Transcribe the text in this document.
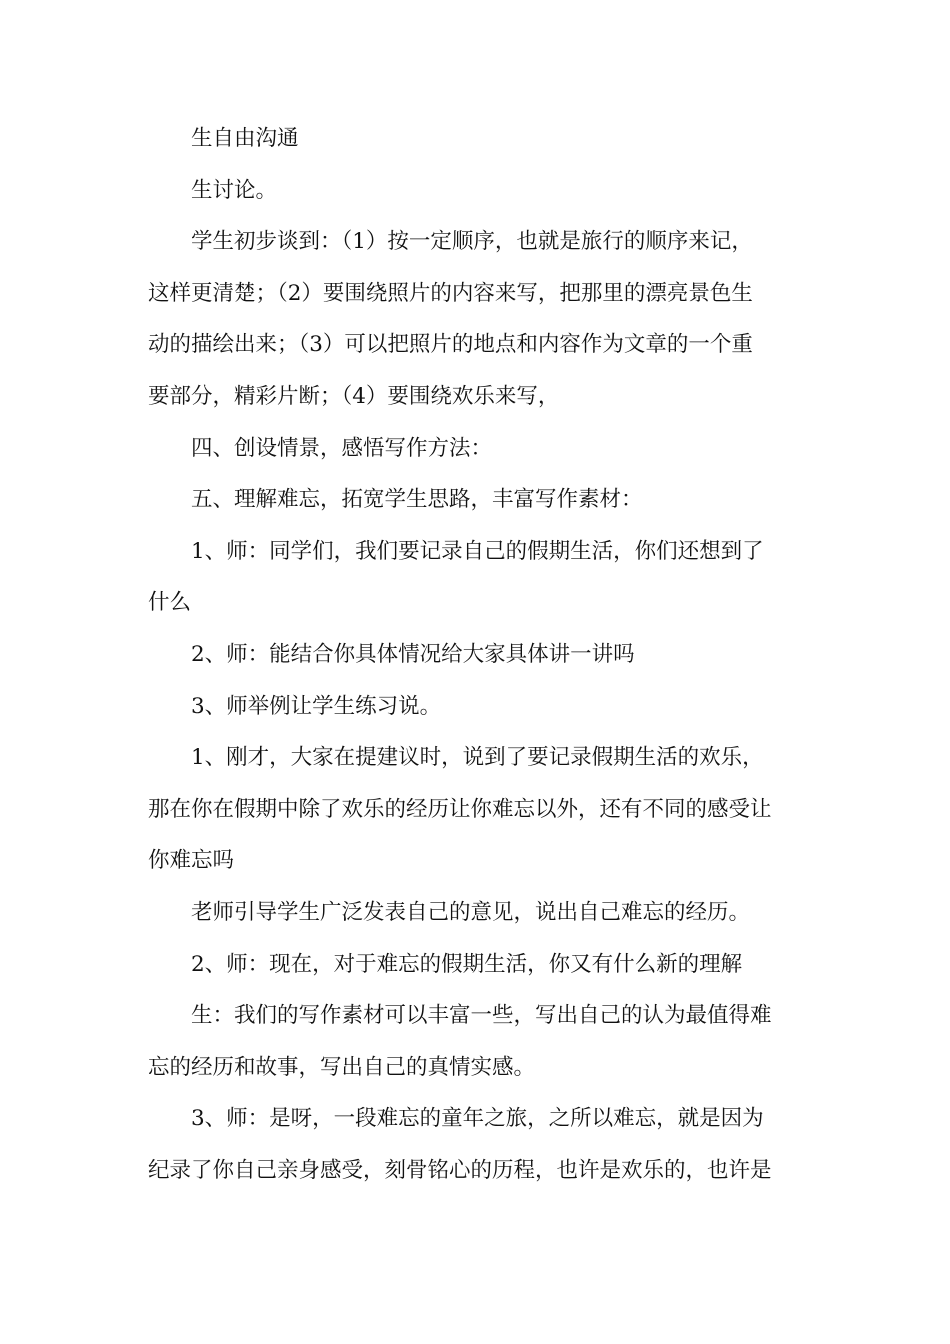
生自由沟通

生讨论。

学生初步谈到：（1）按一定顺序，也就是旅行的顺序来记，
这样更清楚；（2）要围绕照片的内容来写，把那里的漂亮景色生
动的描绘出来；（3）可以把照片的地点和内容作为文章的一个重
要部分，精彩片断；（4）要围绕欢乐来写，

四、创设情景，感悟写作方法：

五、理解难忘，拓宽学生思路，丰富写作素材：

1、师：同学们，我们要记录自己的假期生活，你们还想到了
什么

2、师：能结合你具体情况给大家具体讲一讲吗

3、师举例让学生练习说。

1、刚才，大家在提建议时，说到了要记录假期生活的欢乐，
那在你在假期中除了欢乐的经历让你难忘以外，还有不同的感受让
你难忘吗

老师引导学生广泛发表自己的意见，说出自己难忘的经历。

2、师：现在，对于难忘的假期生活，你又有什么新的理解

生：我们的写作素材可以丰富一些，写出自己的认为最值得难
忘的经历和故事，写出自己的真情实感。

3、师：是呀，一段难忘的童年之旅，之所以难忘，就是因为
纪录了你自己亲身感受，刻骨铭心的历程，也许是欢乐的，也许是
